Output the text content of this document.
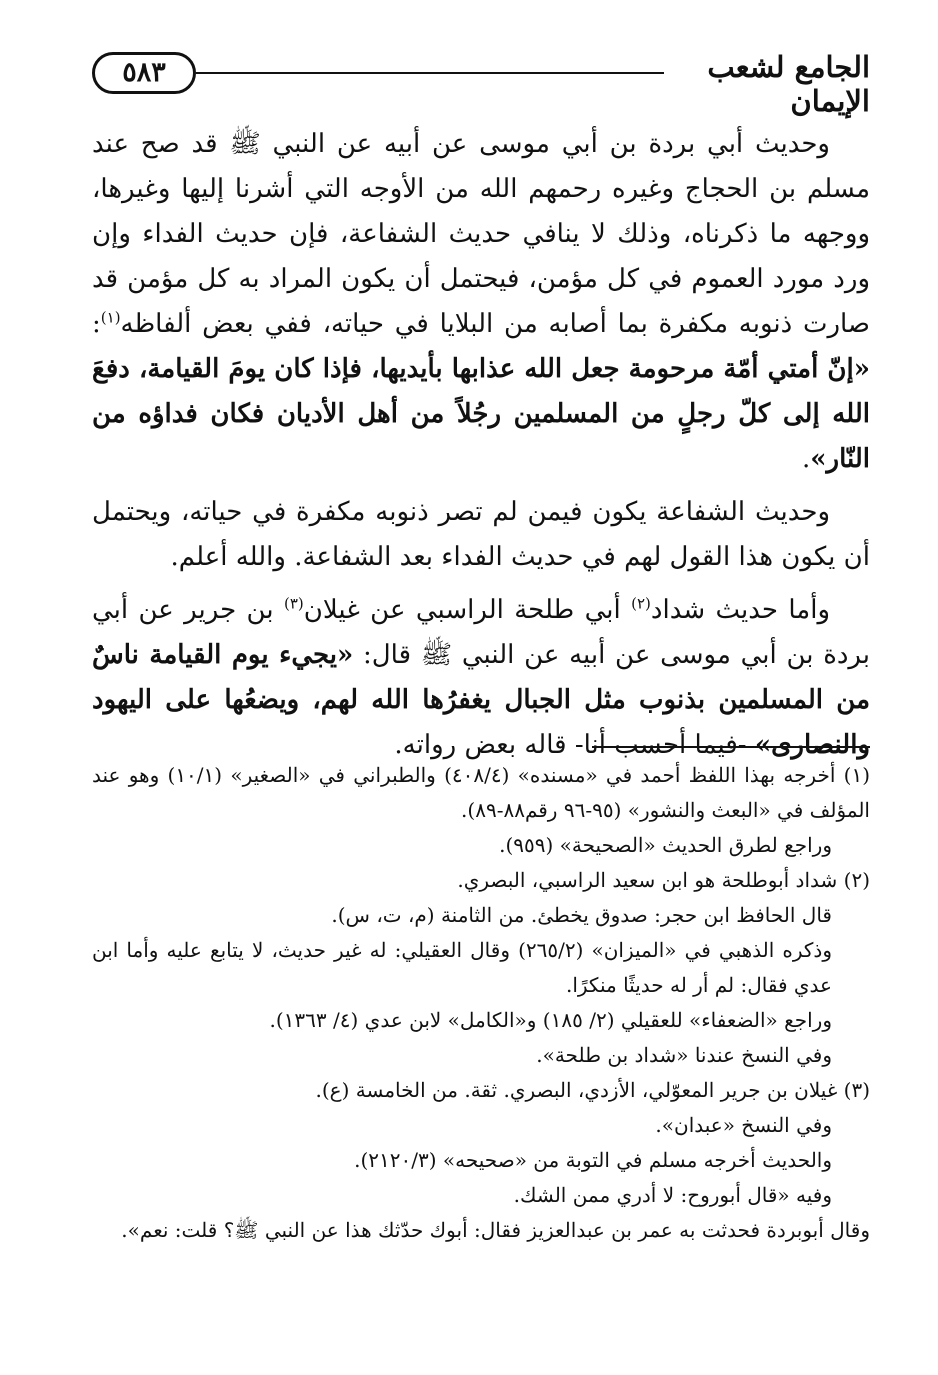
٥٨٣	الجامع لشعب الإيمان

وحديث أبي بردة بن أبي موسى عن أبيه عن النبي ﷺ قد صح عند مسلم بن الحجاج وغيره رحمهم الله من الأوجه التي أشرنا إليها وغيرها، ووجهه ما ذكرناه، وذلك لا ينافي حديث الشفاعة، فإن حديث الفداء وإن ورد مورد العموم في كل مؤمن، فيحتمل أن يكون المراد به كل مؤمن قد صارت ذنوبه مكفرة بما أصابه من البلايا في حياته، ففي بعض ألفاظه$^{(١)}$: «إنّ أمتي أمّة مرحومة جعل الله عذابها بأيديها، فإذا كان يومَ القيامة، دفعَ الله إلى كلّ رجلٍ من المسلمين رجُلاً من أهل الأديان فكان فداؤه من النّار».

وحديث الشفاعة يكون فيمن لم تصر ذنوبه مكفرة في حياته، ويحتمل أن يكون هذا القول لهم في حديث الفداء بعد الشفاعة. والله أعلم.

وأما حديث شداد$^{(٢)}$ أبي طلحة الراسبي عن غيلان$^{(٣)}$ بن جرير عن أبي بردة بن أبي موسى عن أبيه عن النبي ﷺ قال: «يجيء يوم القيامة ناسٌ من المسلمين بذنوب مثل الجبال يغفرُها الله لهم، ويضعُها على اليهود والنصارى» -فيما أحسب أنا- قاله بعض رواته.

(١) أخرجه بهذا اللفظ أحمد في «مسنده» (٤٠٨/٤) والطبراني في «الصغير» (١٠/١) وهو عند المؤلف في «البعث والنشور» (٩٥-٩٦ رقم٨٨-٨٩).

وراجع لطرق الحديث «الصحيحة» (٩٥٩).

(٢) شداد أبوطلحة هو ابن سعيد الراسبي، البصري.

قال الحافظ ابن حجر: صدوق يخطئ. من الثامنة (م، ت، س).

وذكره الذهبي في «الميزان» (٢٦٥/٢) وقال العقيلي: له غير حديث، لا يتابع عليه وأما ابن عدي فقال: لم أر له حديثًا منكرًا.

وراجع «الضعفاء» للعقيلي (٢/ ١٨٥) و«الكامل» لابن عدي (٤/ ١٣٦٣).

وفي النسخ عندنا «شداد بن طلحة».

(٣) غيلان بن جرير المعوّلي، الأزدي، البصري. ثقة. من الخامسة (ع).

وفي النسخ «عبدان».

والحديث أخرجه مسلم في التوبة من «صحيحه» (٢١٢٠/٣).

وفيه «قال أبوروح: لا أدري ممن الشك.

وقال أبوبردة فحدثت به عمر بن عبدالعزيز فقال: أبوك حدّثك هذا عن النبي ﷺ؟ قلت: نعم».
